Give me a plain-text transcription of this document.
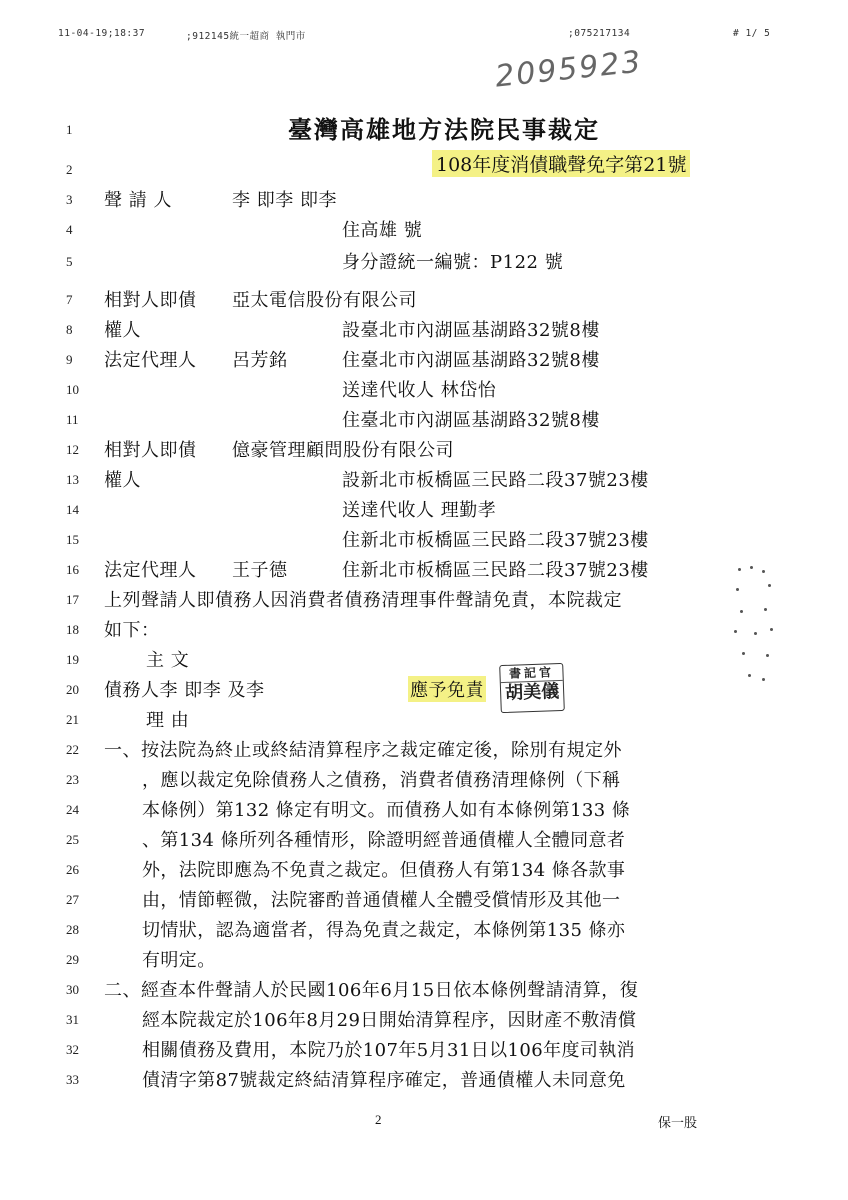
11-04-19;18:37	;912145統一超商 執門市	;075217134	# 1/ 5
2095923
臺灣高雄地方法院民事裁定
108年度消債職聲免字第21號
1
2
3
4
5
7
8
9
10
11
12
13
14
15
16
17
18
19
20
21
22
23
24
25
26
27
28
29
30
31
32
33
聲 請 人	李 即李 即李
住高雄 號
身分證統一編號：P122 號
相對人即債 亞太電信股份有限公司
權人	設臺北市內湖區基湖路32號8樓
法定代理人 呂芳銘	住臺北市內湖區基湖路32號8樓
送達代收人 林岱怡
住臺北市內湖區基湖路32號8樓
相對人即債 億豪管理顧問股份有限公司
權人	設新北市板橋區三民路二段37號23樓
送達代收人 理勤孝
住新北市板橋區三民路二段37號23樓
法定代理人 王子德	住新北市板橋區三民路二段37號23樓
上列聲請人即債務人因消費者債務清理事件聲請免責，本院裁定
如下：
主 文
債務人李 即李 及李	應予免責
書記官
胡美儀
理 由
一、按法院為終止或終結清算程序之裁定確定後，除別有規定外
，應以裁定免除債務人之債務，消費者債務清理條例（下稱
本條例）第132 條定有明文。而債務人如有本條例第133 條
、第134 條所列各種情形，除證明經普通債權人全體同意者
外，法院即應為不免責之裁定。但債務人有第134 條各款事
由，情節輕微，法院審酌普通債權人全體受償情形及其他一
切情狀，認為適當者，得為免責之裁定，本條例第135 條亦
有明定。
二、經查本件聲請人於民國106年6月15日依本條例聲請清算，復
經本院裁定於106年8月29日開始清算程序，因財產不敷清償
相關債務及費用，本院乃於107年5月31日以106年度司執消
債清字第87號裁定終結清算程序確定，普通債權人未同意免
2	保一股
